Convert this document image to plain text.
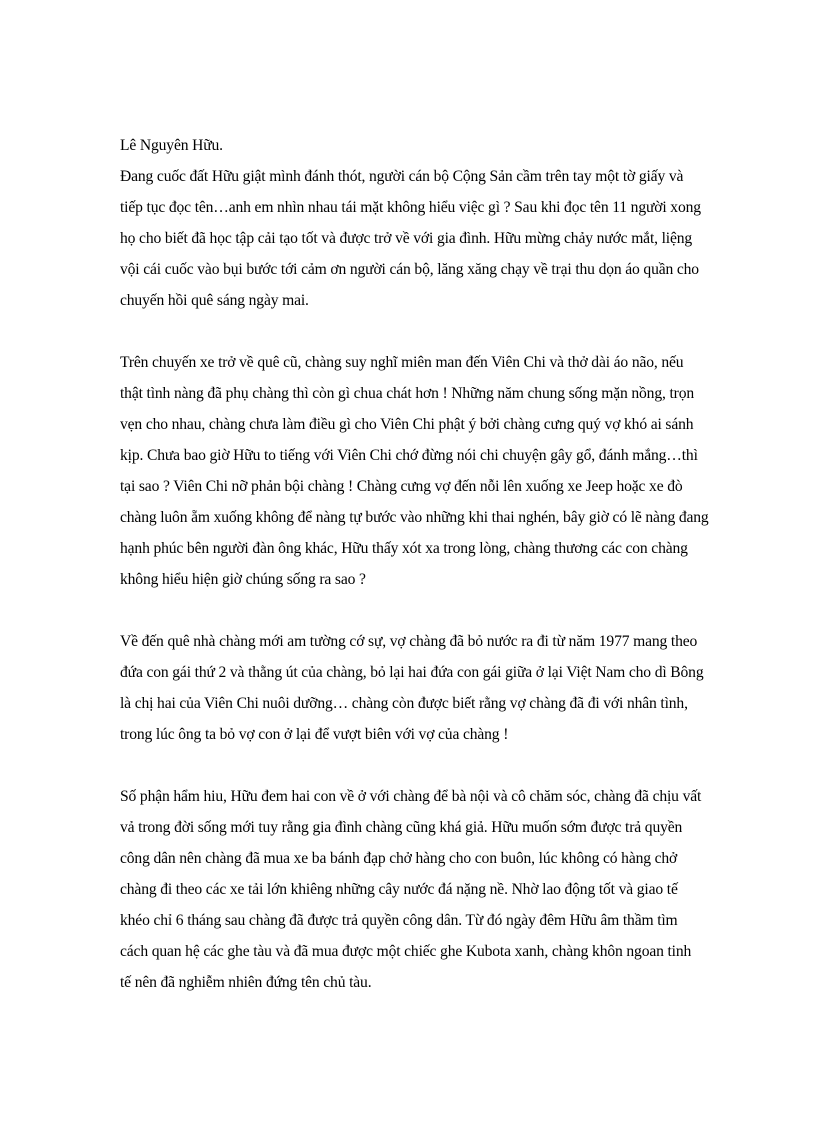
Lê Nguyên Hữu.
Đang cuốc đất Hữu giật mình đánh thót, người cán bộ Cộng Sản cầm trên tay một tờ giấy và
tiếp tục đọc tên…anh em nhìn nhau tái mặt không hiểu việc gì ? Sau khi đọc tên 11 người xong
họ cho biết đã học tập cải tạo tốt và được trở về với gia đình. Hữu mừng chảy nước mắt, liệng
vội cái cuốc vào bụi bước tới cảm ơn người cán bộ, lăng xăng chạy về trại thu dọn áo quần cho
chuyến hồi quê sáng ngày mai.
Trên chuyến xe trở về quê cũ, chàng suy nghĩ miên man đến Viên Chi và thở dài áo não, nếu
thật tình nàng đã phụ chàng thì còn gì chua chát hơn ! Những năm chung sống mặn nồng, trọn
vẹn cho nhau, chàng chưa làm điều gì cho Viên Chi phật ý bởi chàng cưng quý vợ khó ai sánh
kịp. Chưa bao giờ Hữu to tiếng với Viên Chi chớ đừng nói chi chuyện gây gổ, đánh mắng…thì
tại sao ? Viên Chi nỡ phản bội chàng ! Chàng cưng vợ đến nỗi lên xuống xe Jeep hoặc xe đò
chàng luôn ẵm xuống không để nàng tự bước vào những khi thai nghén, bây giờ có lẽ nàng đang
hạnh phúc bên người đàn ông khác, Hữu thấy xót xa trong lòng, chàng thương các con chàng
không hiểu hiện giờ chúng sống ra sao ?
Về đến quê nhà chàng mới am tường cớ sự, vợ chàng đã bỏ nước ra đi từ năm 1977 mang theo
đứa con gái thứ 2 và thằng út của chàng, bỏ lại hai đứa con gái giữa ở lại Việt Nam cho dì Bông
là chị hai của Viên Chi nuôi dưỡng… chàng còn được biết rằng vợ chàng đã đi với nhân tình,
trong lúc ông ta bỏ vợ con ở lại để vượt biên với vợ của chàng !
Số phận hẩm hiu, Hữu đem hai con về ở với chàng để bà nội và cô chăm sóc, chàng đã chịu vất
vả trong đời sống mới tuy rằng gia đình chàng cũng khá giả. Hữu muốn sớm được trả quyền
công dân nên chàng đã mua xe ba bánh đạp chở hàng cho con buôn, lúc không có hàng chở
chàng đi theo các xe tải lớn khiêng những cây nước đá nặng nề. Nhờ lao động tốt và giao tế
khéo chỉ 6 tháng sau chàng đã được trả quyền công dân. Từ đó ngày đêm Hữu âm thầm tìm
cách quan hệ các ghe tàu và đã mua được một chiếc ghe Kubota xanh, chàng khôn ngoan tinh
tế nên đã nghiễm nhiên đứng tên chủ tàu.
